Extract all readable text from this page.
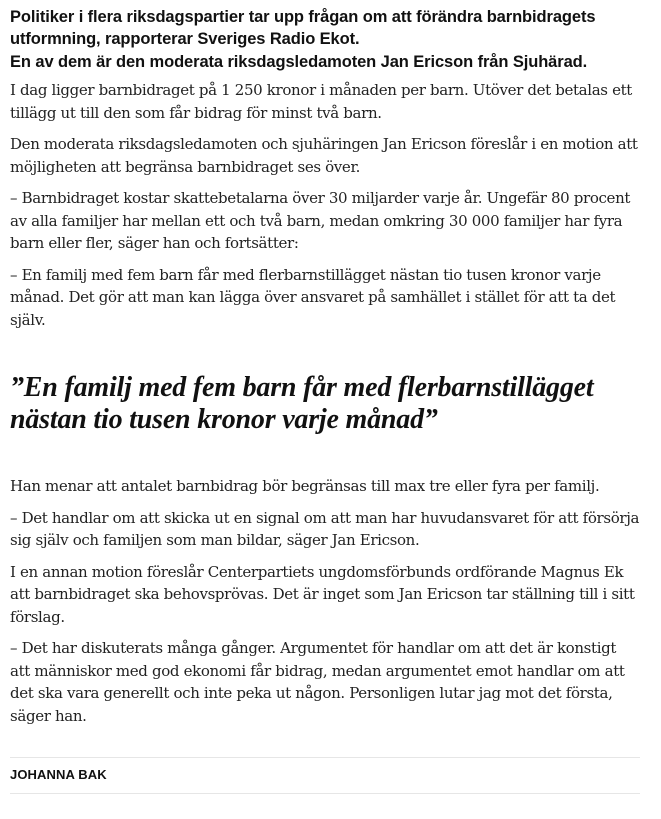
Politiker i flera riksdagspartier tar upp frågan om att förändra barnbidragets utformning, rapporterar Sveriges Radio Ekot.

En av dem är den moderata riksdagsledamoten Jan Ericson från Sjuhärad.

I dag ligger barnbidraget på 1 250 kronor i månaden per barn. Utöver det betalas ett tillägg ut till den som får bidrag för minst två barn.

Den moderata riksdagsledamoten och sjuhäringen Jan Ericson föreslår i en motion att möjligheten att begränsa barnbidraget ses över.

– Barnbidraget kostar skattebetalarna över 30 miljarder varje år. Ungefär 80 procent av alla familjer har mellan ett och två barn, medan omkring 30 000 familjer har fyra barn eller fler, säger han och fortsätter:

– En familj med fem barn får med flerbarnstillägget nästan tio tusen kronor varje månad. Det gör att man kan lägga över ansvaret på samhället i stället för att ta det själv.

”En familj med fem barn får med flerbarnstillägget nästan tio tusen kronor varje månad”

Han menar att antalet barnbidrag bör begränsas till max tre eller fyra per familj.

– Det handlar om att skicka ut en signal om att man har huvudansvaret för att försörja sig själv och familjen som man bildar, säger Jan Ericson.

I en annan motion föreslår Centerpartiets ungdomsförbunds ordförande Magnus Ek att barnbidraget ska behovsprövas. Det är inget som Jan Ericson tar ställning till i sitt förslag.

– Det har diskuterats många gånger. Argumentet för handlar om att det är konstigt att människor med god ekonomi får bidrag, medan argumentet emot handlar om att det ska vara generellt och inte peka ut någon. Personligen lutar jag mot det första, säger han.

JOHANNA BAK
